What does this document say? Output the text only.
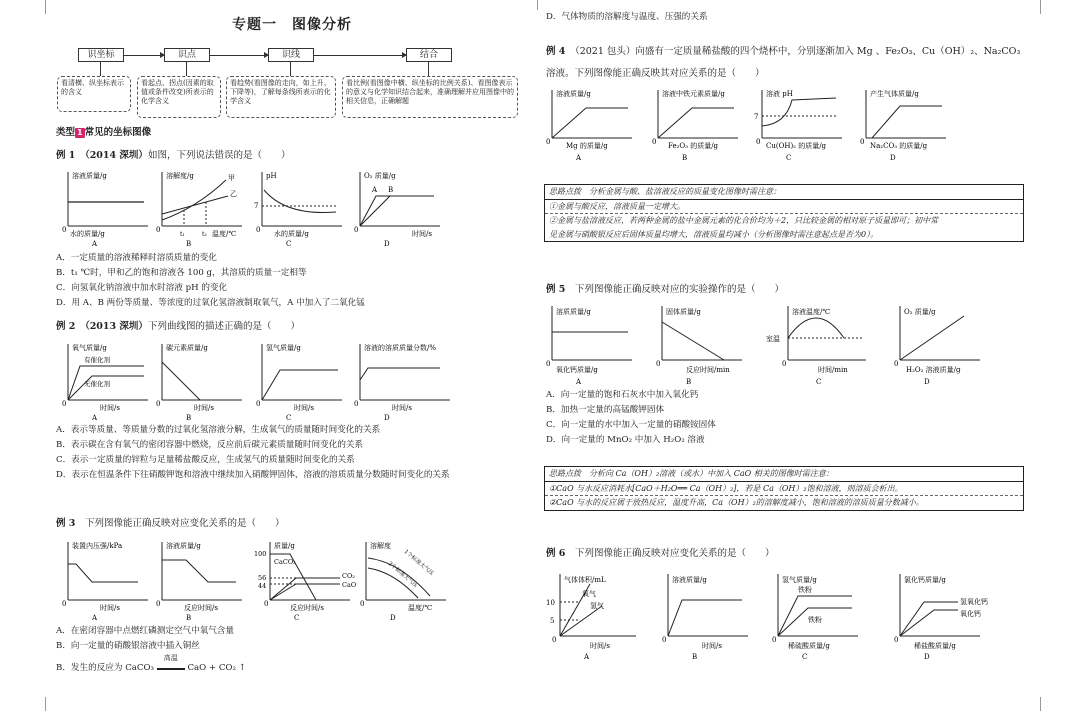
专题一　图像分析
识坐标	识点	识线	结合
看清横、纵坐标表示的含义
看起点、拐点(因素的取值或条件改变)所表示的化学含义
看趋势(看图像的走向，如上升、下降等)，了解每条线所表示的化学含义
看比例(看图像中横、纵坐标的比例关系)、看图像表示的意义与化学知识结合起来，准确理解并应用图像中的相关信息，正确解题
类型 1 常见的坐标图像
例 1　 （2014 深圳）如图，下列说法错误的是（　　）
溶液质量/g
水的质量/g
0
A
溶解度/g	甲
乙
t₁	t₂ 温度/℃
0
B
pH
7
水的质量/g
0
C
O₂ 质量/g
A B
时间/s
0
D
A．一定质量的溶液稀释时溶质质量的变化
B．t₁ ℃时，甲和乙的饱和溶液各 100 g，其溶质的质量一定相等
C．向氢氧化钠溶液中加水时溶液 pH 的变化
D．用 A、B 两份等质量、等浓度的过氧化氢溶液制取氧气，A 中加入了二氧化锰
例 2　 （2013 深圳）下列曲线图的描述正确的是（　　）
氧气质量/g
有催化剂
无催化剂
时间/s
0
A
碳元素质量/g
时间/s
0
B
氢气质量/g
时间/s
0
C
溶液的溶质质量分数/%
时间/s
0
D
A．表示等质量、等质量分数的过氧化氢溶液分解，生成氧气的质量随时间变化的关系
B．表示碳在含有氧气的密闭容器中燃烧，反应前后碳元素质量随时间变化的关系
C．表示一定质量的锌粒与足量稀盐酸反应，生成氢气的质量随时间变化的关系
D．表示在恒温条件下往硝酸钾饱和溶液中继续加入硝酸钾固体，溶液的溶质质量分数随时间变化的关系
例 3　 下列图像能正确反映对应变化关系的是（　　）
装置内压强/kPa
时间/s
0
A
溶液质量/g
反应时间/s
0
B
质量/g
100
56
44
CaCO₃
CO₂
CaO
反应时间/s
0
C
溶解度
1个标准大气压
2个标准大气压
温度/℃
0
D
A．在密闭容器中点燃红磷测定空气中氧气含量
B．向一定量的硝酸银溶液中插入铜丝
B．发生的反应为 CaCO₃
高温
CaO + CO₂ ↑
D．气体物质的溶解度与温度、压强的关系
例 4　 （2021 包头）向盛有一定质量稀盐酸的四个烧杯中，分别逐渐加入 Mg 、Fe₂O₃、Cu（OH）₂、Na₂CO₃
溶液。下列图像能正确反映其对应关系的是（　　）
溶液质量/g
Mg 的质量/g
0
A
溶液中铁元素质量/g
Fe₂O₃ 的质量/g
0
B
溶液 pH
7
Cu(OH)₂ 的质量/g
0
C
产生气体质量/g
Na₂CO₃ 的质量/g
0
D
思路点拨　分析金属与酸、盐溶液反应的质量变化图像时需注意：
①金属与酸反应，溶液质量一定增大。
②金属与盐溶液反应，若两种金属的盐中金属元素的化合价均为＋2，只比较金属的相对原子质量即可；初中常
见金属与硝酸银反应后固体质量均增大，溶液质量均减小（分析图像时需注意起点是否为0）。
例 5　 下列图像能正确反映对应的实验操作的是（　　）
溶质质量/g
氧化钙质量/g
0
A
固体质量/g
反应时间/min
0
B
溶液温度/℃
室温
时间/min
0
C
O₂ 质量/g
H₂O₂ 溶液质量/g
0
D
A．向一定量的饱和石灰水中加入氧化钙
B．加热一定量的高锰酸钾固体
C．向一定量的水中加入一定量的硝酸铵固体
D．向一定量的 MnO₂ 中加入 H₂O₂ 溶液
思路点拨　分析向 Ca（OH）₂溶液（或水）中加入 CaO 相关的图像时需注意：
①CaO 与水反应消耗水[CaO＋H₂O══ Ca（OH）₂]，若是 Ca（OH）₂饱和溶液，则溶质会析出。
②CaO 与水的反应属于放热反应，温度升高，Ca（OH）₂的溶解度减小，饱和溶液的溶质质量分数减小。
例 6　 下列图像能正确反映对应变化关系的是（　　）
气体体积/mL
10
5
氧气
氢气
时间/s
0
A
溶液质量/g
时间/s
0
B
氢气质量/g
铁粉
铁粉
稀硫酸质量/g
0
C
氯化钙质量/g
氢氧化钙
氧化钙
稀盐酸质量/g
0
D
